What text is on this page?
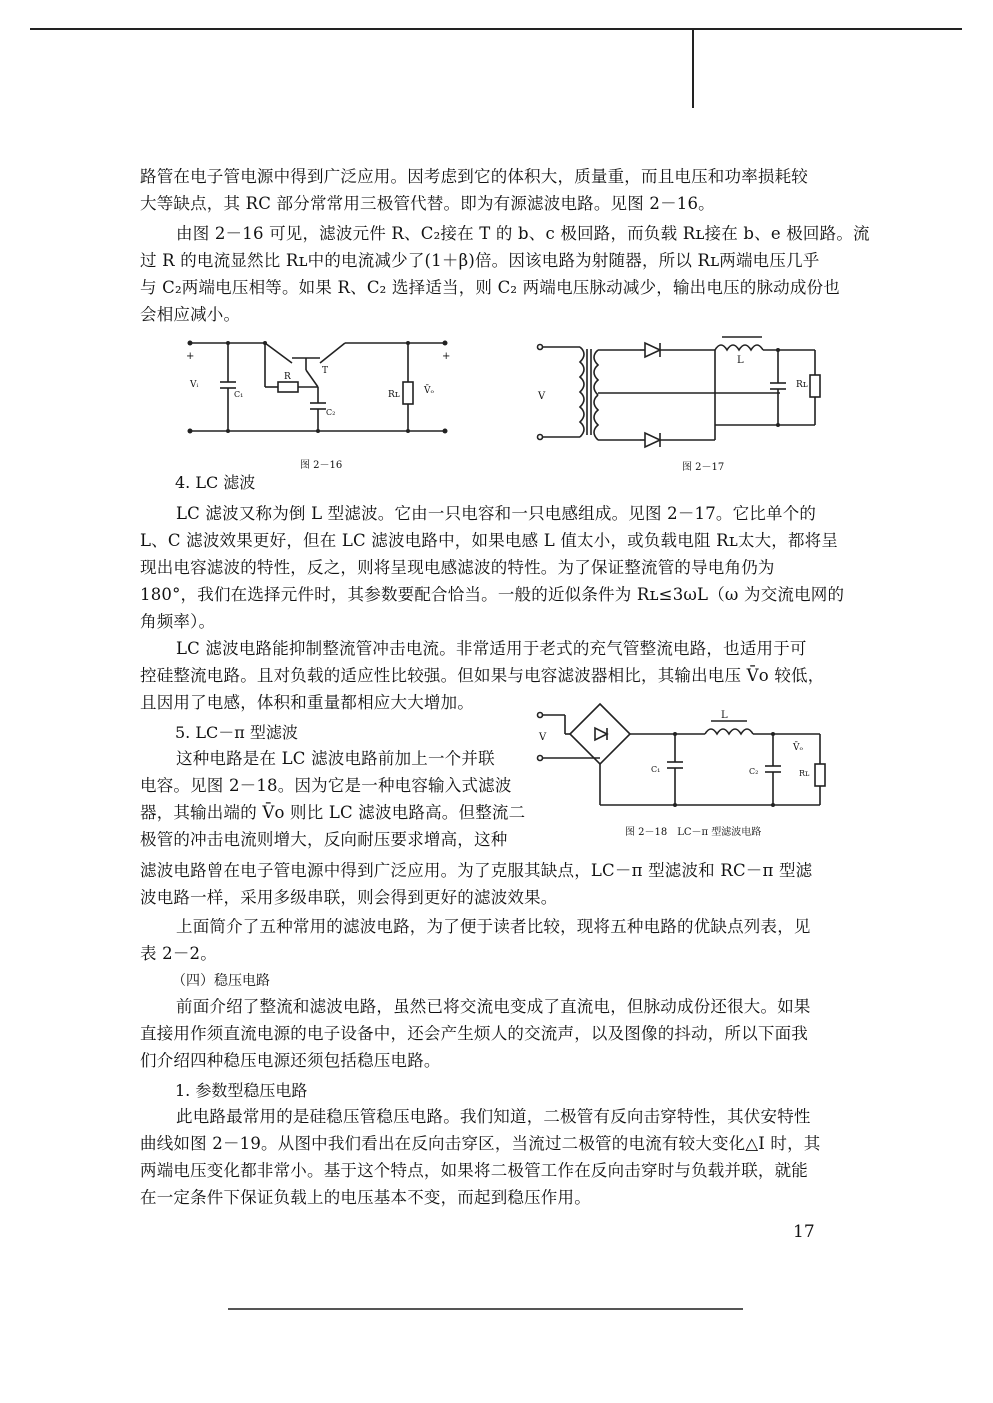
路管在电子管电源中得到广泛应用。因考虑到它的体积大，质量重，而且电压和功率损耗较
大等缺点，其 RC 部分常常用三极管代替。即为有源滤波电路。见图 2－16。
由图 2－16 可见，滤波元件 R、C₂接在 T 的 b、c 极回路，而负载 Rʟ接在 b、e 极回路。流
过 R 的电流显然比 Rʟ中的电流减少了(1＋β)倍。因该电路为射随器，所以 Rʟ两端电压几乎
与 C₂两端电压相等。如果 R、C₂ 选择适当，则 C₂ 两端电压脉动减少，输出电压的脉动成份也
会相应减小。
+	+
Vᵢ
C₁
R
T
C₂
Rʟ	V̄ₒ
图 2－16
V
L
Rʟ
图 2－17
4. LC 滤波
LC 滤波又称为倒 L 型滤波。它由一只电容和一只电感组成。见图 2－17。它比单个的
L、C 滤波效果更好，但在 LC 滤波电路中，如果电感 L 值太小，或负载电阻 Rʟ太大，都将呈
现出电容滤波的特性，反之，则将呈现电感滤波的特性。为了保证整流管的导电角仍为
180°，我们在选择元件时，其参数要配合恰当。一般的近似条件为 Rʟ≤3ωL（ω 为交流电网的
角频率）。
LC 滤波电路能抑制整流管冲击电流。非常适用于老式的充气管整流电路，也适用于可
控硅整流电路。且对负载的适应性比较强。但如果与电容滤波器相比，其输出电压 V̄o 较低，
且因用了电感，体积和重量都相应大大增加。
5. LC－π 型滤波
这种电路是在 LC 滤波电路前加上一个并联
电容。见图 2－18。因为它是一种电容输入式滤波
器，其输出端的 V̄o 则比 LC 滤波电路高。但整流二
极管的冲击电流则增大，反向耐压要求增高，这种
V
L
C₁	C₂
V̄ₒ
Rʟ
图 2－18　LC－π 型滤波电路
滤波电路曾在电子管电源中得到广泛应用。为了克服其缺点，LC－π 型滤波和 RC－π 型滤
波电路一样，采用多级串联，则会得到更好的滤波效果。
上面简介了五种常用的滤波电路，为了便于读者比较，现将五种电路的优缺点列表，见
表 2－2。
（四）稳压电路
前面介绍了整流和滤波电路，虽然已将交流电变成了直流电，但脉动成份还很大。如果
直接用作须直流电源的电子设备中，还会产生烦人的交流声，以及图像的抖动，所以下面我
们介绍四种稳压电源还须包括稳压电路。
1. 参数型稳压电路
此电路最常用的是硅稳压管稳压电路。我们知道，二极管有反向击穿特性，其伏安特性
曲线如图 2－19。从图中我们看出在反向击穿区，当流过二极管的电流有较大变化△I 时，其
两端电压变化都非常小。基于这个特点，如果将二极管工作在反向击穿时与负载并联，就能
在一定条件下保证负载上的电压基本不变，而起到稳压作用。
17
